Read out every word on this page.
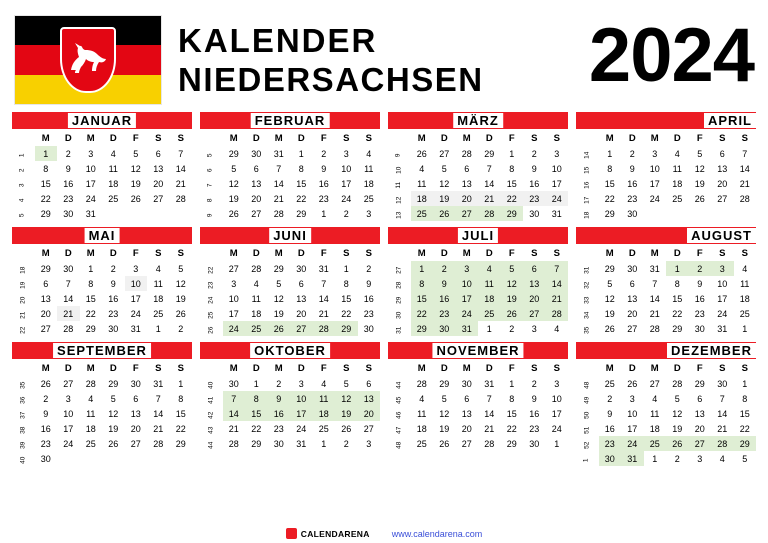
KALENDER
NIEDERSACHSEN	2024
JANUAR
	M	D	M	D	F	S	S
1	1	2	3	4	5	6	7
2	8	9	10	11	12	13	14
3	15	16	17	18	19	20	21
4	22	23	24	25	26	27	28
5	29	30	31				
FEBRUAR
	M	D	M	D	F	S	S
5	29	30	31	1	2	3	4
6	5	6	7	8	9	10	11
7	12	13	14	15	16	17	18
8	19	20	21	22	23	24	25
9	26	27	28	29	1	2	3
MÄRZ
	M	D	M	D	F	S	S
9	26	27	28	29	1	2	3
10	4	5	6	7	8	9	10
11	11	12	13	14	15	16	17
12	18	19	20	21	22	23	24
13	25	26	27	28	29	30	31
APRIL
	M	D	M	D	F	S	S
14	1	2	3	4	5	6	7
15	8	9	10	11	12	13	14
16	15	16	17	18	19	20	21
17	22	23	24	25	26	27	28
18	29	30					
MAI
	M	D	M	D	F	S	S
18	29	30	1	2	3	4	5
19	6	7	8	9	10	11	12
20	13	14	15	16	17	18	19
21	20	21	22	23	24	25	26
22	27	28	29	30	31	1	2
JUNI
	M	D	M	D	F	S	S
22	27	28	29	30	31	1	2
23	3	4	5	6	7	8	9
24	10	11	12	13	14	15	16
25	17	18	19	20	21	22	23
26	24	25	26	27	28	29	30
JULI
	M	D	M	D	F	S	S
27	1	2	3	4	5	6	7
28	8	9	10	11	12	13	14
29	15	16	17	18	19	20	21
30	22	23	24	25	26	27	28
31	29	30	31	1	2	3	4
AUGUST
	M	D	M	D	F	S	S
31	29	30	31	1	2	3	4
32	5	6	7	8	9	10	11
33	12	13	14	15	16	17	18
34	19	20	21	22	23	24	25
35	26	27	28	29	30	31	1
SEPTEMBER
	M	D	M	D	F	S	S
35	26	27	28	29	30	31	1
36	2	3	4	5	6	7	8
37	9	10	11	12	13	14	15
38	16	17	18	19	20	21	22
39	23	24	25	26	27	28	29
40	30						
OKTOBER
	M	D	M	D	F	S	S
40	30	1	2	3	4	5	6
41	7	8	9	10	11	12	13
42	14	15	16	17	18	19	20
43	21	22	23	24	25	26	27
44	28	29	30	31	1	2	3
NOVEMBER
	M	D	M	D	F	S	S
44	28	29	30	31	1	2	3
45	4	5	6	7	8	9	10
46	11	12	13	14	15	16	17
47	18	19	20	21	22	23	24
48	25	26	27	28	29	30	1
DEZEMBER
	M	D	M	D	F	S	S
48	25	26	27	28	29	30	1
49	2	3	4	5	6	7	8
50	9	10	11	12	13	14	15
51	16	17	18	19	20	21	22
52	23	24	25	26	27	28	29
1	30	31	1	2	3	4	5
CALENDARENA www.calendarena.com
